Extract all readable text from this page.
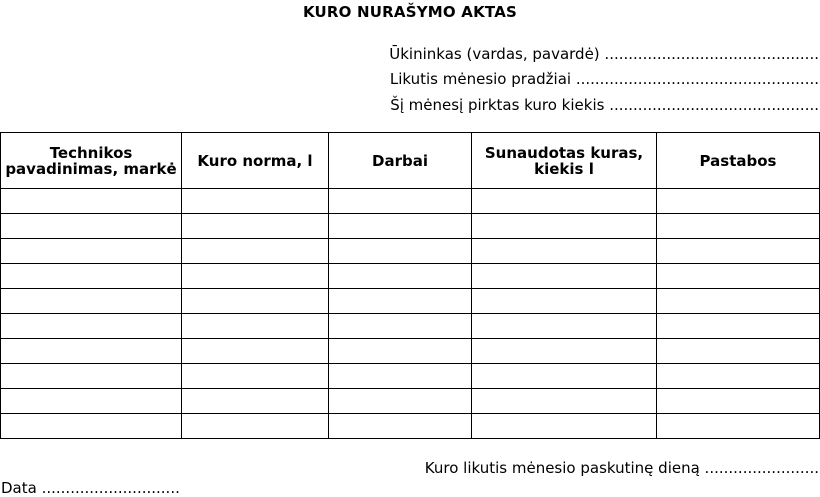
KURO NURAŠYMO AKTAS
Ūkininkas (vardas, pavardė) .............................................
Likutis mėnesio pradžiai ...................................................
Šį mėnesį pirktas kuro kiekis ............................................
Technikos pavadinimas, markė	Kuro norma, l	Darbai	Sunaudotas kuras, kiekis l	Pastabos

Kuro likutis mėnesio paskutinę dieną ........................
Data .............................
